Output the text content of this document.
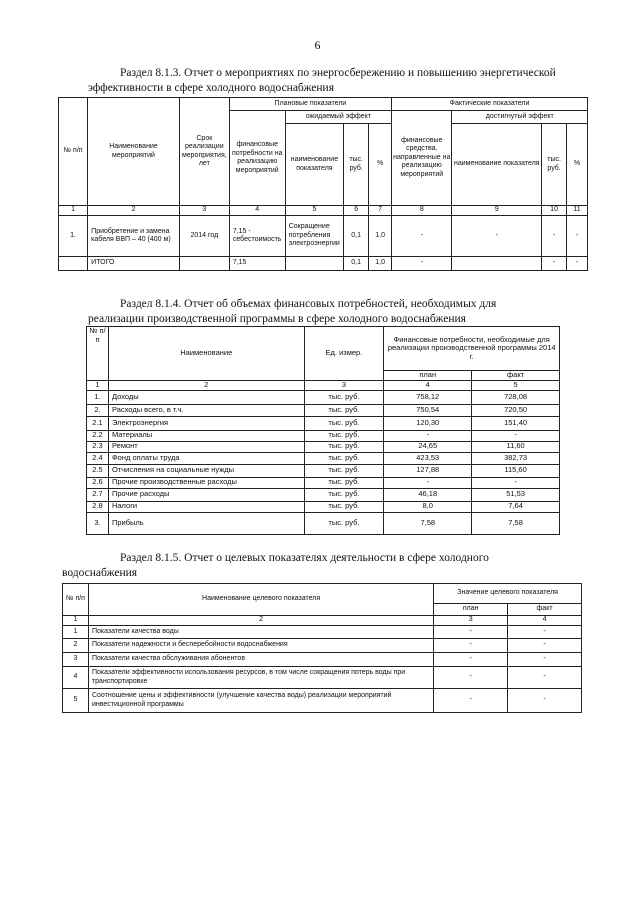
6
Раздел 8.1.3. Отчет о мероприятиях по энергосбережению и повышению энергетической
эффективности в сфере холодного водоснабжения
№ п/п	Наименование мероприятий	Срок реализации мероприятия, лет	Плановые показатели				Фактические показатели			
			финансовые потребности на реализацию мероприятий	ожидаемый эффект			финансовые средства, направленные на реализацию мероприятий	достигнутый эффект		
				наименование показателя	тыс. руб.	%		наименование показателя	тыс. руб.	%
1	2	3	4	5	6	7	8	9	10	11
1.	Приобретение и замена кабеля ВВП – 40 (400 м)	2014 год	7,15 - себестоимость	Сокращение потребления электроэнергии	0,1	1,0	-	-	-	-
	ИТОГО		7,15		0,1	1,0	-		-	-
Раздел 8.1.4. Отчет об объемах финансовых потребностей, необходимых для
реализации производственной программы в сфере холодного водоснабжения
№ п/п	Наименование	Ед. измер.	Финансовые потребности, необходимые для реализации производственной программы 2014 г.	
			план	факт
1	2	3	4	5
1.	Доходы	тыс. руб.	758,12	728,08
2.	Расходы всего, в т.ч.	тыс. руб.	750,54	720,50
2.1	Электроэнергия	тыс. руб.	120,30	151,40
2.2	Материалы	тыс. руб.	-	-
2.3	Ремонт	тыс. руб.	24,65	11,60
2.4	Фонд оплаты труда	тыс. руб.	423,53	382,73
2.5	Отчисления на социальные нужды	тыс. руб.	127,88	115,60
2.6	Прочие производственные расходы	тыс. руб.	-	-
2.7	Прочие расходы	тыс. руб.	46,18	51,53
2.8	Налоги	тыс. руб.	8,0	7,64
3.	Прибыль	тыс. руб.	7,58	7,58
Раздел 8.1.5. Отчет о целевых показателях деятельности в сфере холодного
водоснабжения
№ п/п	Наименование целевого показателя	Значение целевого показателя	
		план	факт
1	2	3	4
1	Показатели качества воды	-	-
2	Показатели надежности и бесперебойности водоснабжения	-	-
3	Показатели качества обслуживания абонентов	-	-
4	Показатели эффективности использования ресурсов, в том числе сокращения потерь воды при транспортировке	-	-
5	Соотношение цены и эффективности (улучшение качества воды) реализации мероприятий инвестиционной программы	-	-
